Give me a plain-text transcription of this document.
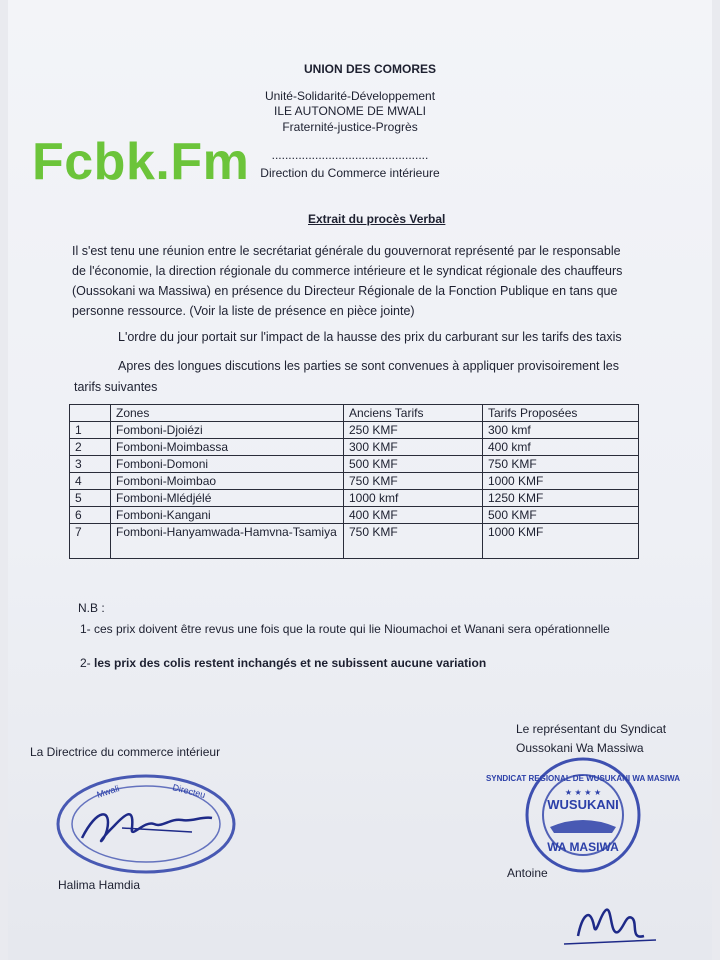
UNION DES COMORES
Unité-Solidarité-Développement
ILE AUTONOME DE MWALI
Fraternité-justice-Progrès
...............................................
Direction du Commerce intérieure
Fcbk.Fm
Extrait du procès Verbal
Il s'est tenu une réunion entre le secrétariat générale du gouvernorat représenté par le responsable
de l'économie, la direction régionale du commerce intérieure et le syndicat régionale des chauffeurs
(Oussokani wa Massiwa) en présence du Directeur Régionale de la Fonction Publique en tans que
personne ressource. (Voir la liste de présence en pièce jointe)
L'ordre du jour portait sur l'impact de la hausse des prix du carburant sur les tarifs des taxis
Apres des longues discutions les parties se sont convenues à appliquer provisoirement les
tarifs suivantes
	Zones	Anciens Tarifs	Tarifs Proposées
1	Fomboni-Djoiézi	250 KMF	300 kmf
2	Fomboni-Moimbassa	300 KMF	400 kmf
3	Fomboni-Domoni	500 KMF	750 KMF
4	Fomboni-Moimbao	750 KMF	1000 KMF
5	Fomboni-Mlédjélé	1000 kmf	1250 KMF
6	Fomboni-Kangani	400 KMF	500 KMF
7	Fomboni-Hanyamwada-Hamvna-Tsamiya	750 KMF	1000 KMF
N.B :
1- ces prix doivent être revus une fois que la route qui lie Nioumachoi et Wanani sera opérationnelle
2- les prix des colis restent inchangés et ne subissent aucune variation
La Directrice du commerce intérieur
Halima Hamdia
Le représentant du Syndicat
Oussokani Wa Massiwa
Antoine
Mwali	Directeu
SYNDICAT REGIONAL DE WUSUKANI WA MASIWA
★ ★ ★ ★
WUSUKANI
WA MASIWA
